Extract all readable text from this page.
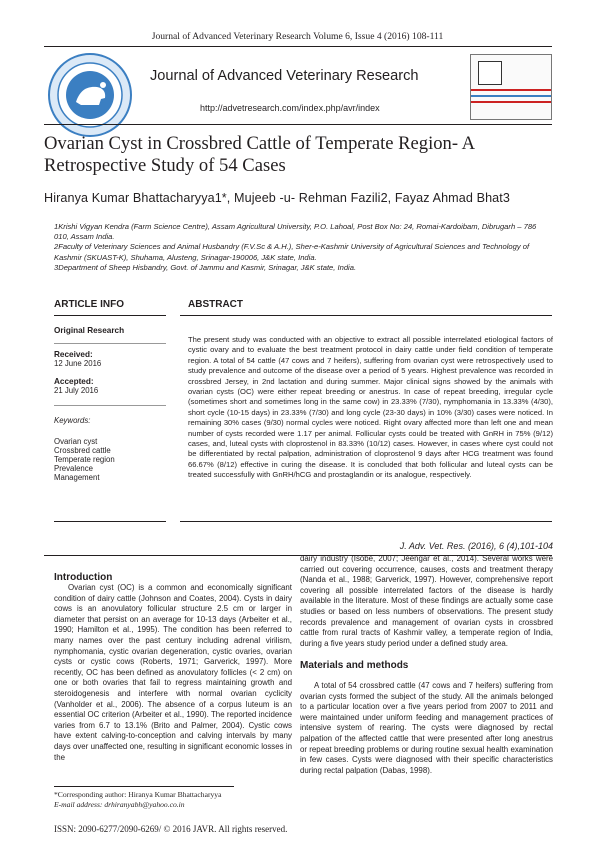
Journal of Advanced Veterinary Research Volume 6, Issue 4 (2016) 108-111
Journal of Advanced Veterinary Research
http://advetresearch.com/index.php/avr/index
Ovarian Cyst in Crossbred Cattle of Temperate Region- A Retrospective Study of 54 Cases
Hiranya Kumar Bhattacharyya1*, Mujeeb -u- Rehman Fazili2, Fayaz Ahmad Bhat3

1Krishi Vigyan Kendra (Farm Science Centre), Assam Agricultural University, P.O. Lahoal, Post Box No: 24, Romai-Kardoibam, Dibrugarh – 786 010, Assam India.

2Faculty of Veterinary Sciences and Animal Husbandry (F.V.Sc & A.H.), Sher-e-Kashmir University of Agricultural Sciences and Technology of Kashmir (SKUAST-K), Shuhama, Alusteng, Srinagar-190006, J&K state, India.

3Department of Sheep Hisbandry, Govt. of Jammu and Kasmir, Srinagar, J&K state, India.

ARTICLE INFO	ABSTRACT
Original Research
Received:
12 June 2016
Accepted:
21 July 2016
Keywords:
Ovarian cyst
Crossbred cattle
Temperate region
Prevalence
Management
The present study was conducted with an objective to extract all possible interrelated etiological factors of cystic ovary and to evaluate the best treatment protocol in dairy cattle under field condition of temperate region. A total of 54 cattle (47 cows and 7 heifers), suffering from ovarian cyst were retrospectively used to study prevalence and outcome of the disease over a period of 5 years. Highest prevalence was recorded in crossbred Jersey, in 2nd lactation and during summer. Major clinical signs showed by the animals with ovarian cysts (OC) were either repeat breeding or anestrus. In case of repeat breeding, irregular cycle (sometimes short and sometimes long in the same cow) in 23.33% (7/30), nymphomania in 13.33% (4/30), short cycle (10-15 days) in 23.33% (7/30) and long cycle (23-30 days) in 10% (3/30) cases were noticed. In remaining 30% cases (9/30) normal cycles were noticed. Right ovary affected more than left one and mean number of cysts recorded were 1.17 per animal. Follicular cysts could be treated with GnRH in 75% (9/12) cases, and, luteal cysts with cloprostenol in 83.33% (10/12) cases. However, in cases where cyst could not be differentiated by rectal palpation, administration of cloprostenol 9 days after HCG treatment was found 66.67% (8/12) effective in curing the disease. It is concluded that both follicular and luteal cysts can be treated successfully with GnRH/hCG and prostaglandin or its analogue, respectively.
J. Adv. Vet. Res. (2016), 6 (4),101-104
Introduction

Ovarian cyst (OC) is a common and economically significant condition of dairy cattle (Johnson and Coates, 2004). Cysts in dairy cows is an anovulatory follicular structure 2.5 cm or larger in diameter that persist on an average for 10-13 days (Arbeiter et al., 1990; Hamilton et al., 1995). The condition has been referred to many names over the past century including adrenal virilism, nymphomania, cystic ovarian degeneration, cystic ovaries, ovarian cysts or cystic cows (Roberts, 1971; Garverick, 1997). More recently, OC has been defined as anovulatory follicles (< 2 cm) on one or both ovaries that fail to regress maintaining growth and steroidogenesis and interfere with normal ovarian cyclicity (Vanholder et al., 2006). The absence of a corpus luteum is an essential OC criterion (Arbeiter et al., 1990). The reported incidence varies from 6.7 to 13.1% (Brito and Palmer, 2004). Cystic cows have extent calving-to-conception and calving intervals by many days over unaffected one, resulting in significant economic losses in the

dairy industry (Isobe, 2007; Jeengar et al., 2014). Several works were carried out covering occurrence, causes, costs and treatment therapy (Nanda et al., 1988; Garverick, 1997). However, comprehensive report covering all possible interrelated factors of the disease is hardly available in the literature. Most of these findings are actually some case studies or based on less numbers of observations. The present study records prevalence and management of ovarian cysts in crossbred cattle from rural tracts of Kashmir valley, a temperate region of India, during a five years study period under a defined study area.

Materials and methods

A total of 54 crossbred cattle (47 cows and 7 heifers) suffering from ovarian cysts formed the subject of the study. All the animals belonged to a particular location over a five years period from 2007 to 2011 and were maintained under uniform feeding and management practices of intensive system of rearing. The cysts were diagnosed by rectal palpation of the affected cattle that were presented after long anestrus or repeat breeding problems or during routine sexual health examination in few cases. Cysts were diagnosed with their specific characteristics during rectal palpation (Dabas, 1998).

*Corresponding author: Hiranya Kumar Bhattacharyya
E-mail address: drhiranyabh@yahoo.co.in
ISSN: 2090-6277/2090-6269/ © 2016 JAVR. All rights reserved.
